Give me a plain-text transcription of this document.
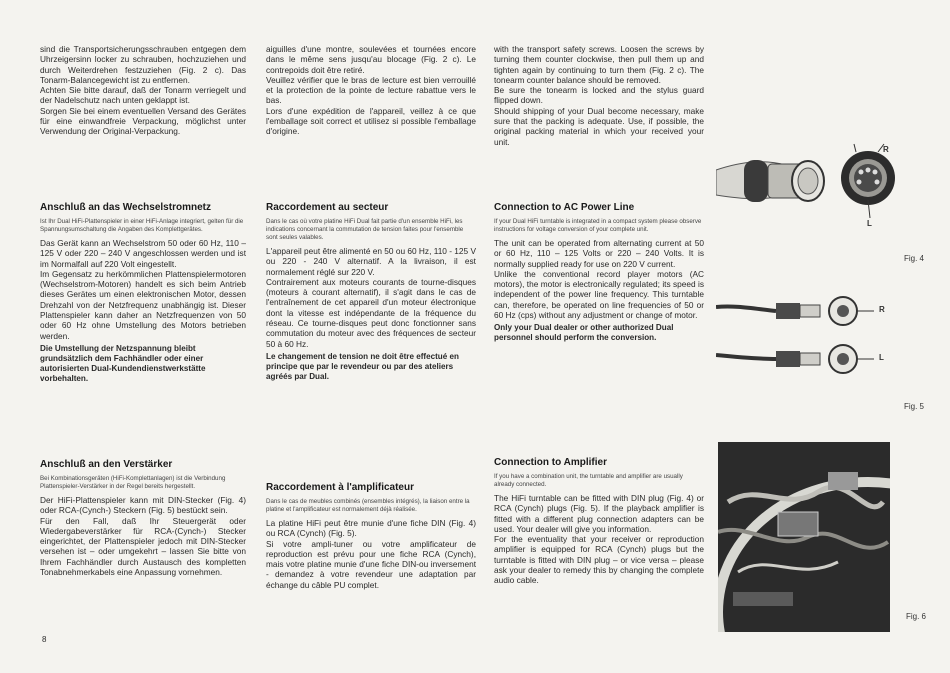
sind die Transportsicherungsschrauben entgegen dem Uhrzeigersinn locker zu schrauben, hochzuziehen und durch Weiterdrehen festzuziehen (Fig. 2 c). Das Tonarm-Balancegewicht ist zu entfernen.
Achten Sie bitte darauf, daß der Tonarm verriegelt und der Nadelschutz nach unten geklappt ist.
Sorgen Sie bei einem eventuellen Versand des Gerätes für eine einwandfreie Verpackung, möglichst unter Verwendung der Original-Verpackung.

Anschluß an das Wechselstromnetz

Ist Ihr Dual HiFi-Plattenspieler in einer HiFi-Anlage integriert, gelten für die Spannungsumschaltung die Angaben des Komplettgerätes.

Das Gerät kann an Wechselstrom 50 oder 60 Hz, 110 – 125 V oder 220 – 240 V angeschlossen werden und ist im Normalfall auf 220 Volt eingestellt.
Im Gegensatz zu herkömmlichen Plattenspielermotoren (Wechselstrom-Motoren) handelt es sich beim Antrieb dieses Gerätes um einen elektronischen Motor, dessen Drehzahl von der Netzfrequenz unabhängig ist. Dieser Plattenspieler kann daher an Netzfrequenzen von 50 oder 60 Hz ohne Umstellung des Motors betrieben werden.

Die Umstellung der Netzspannung bleibt grundsätzlich dem Fachhändler oder einer autorisierten Dual-Kundendienstwerkstätte vorbehalten.

Anschluß an den Verstärker

Bei Kombinationsgeräten (HiFi-Komplettanlagen) ist die Verbindung Plattenspieler-Verstärker in der Regel bereits hergestellt.

Der HiFi-Plattenspieler kann mit DIN-Stecker (Fig. 4) oder RCA-(Cynch-) Steckern (Fig. 5) bestückt sein.
Für den Fall, daß Ihr Steuergerät oder Wiedergabeverstärker für RCA-(Cynch-) Stecker eingerichtet, der Plattenspieler jedoch mit DIN-Stecker versehen ist – oder umgekehrt – lassen Sie bitte von Ihrem Fachhändler durch Austausch des kompletten Tonabnehmerkabels eine Anpassung vornehmen.

aiguilles d'une montre, soulevées et tournées encore dans le même sens jusqu'au blocage (Fig. 2 c). Le contrepoids doit être retiré.
Veuillez vérifier que le bras de lecture est bien verrouillé et la protection de la pointe de lecture rabattue vers le bas.
Lors d'une expédition de l'appareil, veillez à ce que l'emballage soit correct et utilisez si possible l'emballage d'origine.

Raccordement au secteur

Dans le cas où votre platine HiFi Dual fait partie d'un ensemble HiFi, les indications concernant la commutation de tension faites pour l'ensemble sont seules valables.

L'appareil peut être alimenté en 50 ou 60 Hz, 110 - 125 V ou 220 - 240 V alternatif. A la livraison, il est normalement réglé sur 220 V.
Contrairement aux moteurs courants de tourne-disques (moteurs à courant alternatif), il s'agit dans le cas de l'entraînement de cet appareil d'un moteur électronique dont la vitesse est indépendante de la fréquence du réseau. Ce tourne-disques peut donc fonctionner sans commutation du moteur avec des fréquences de secteur 50 à 60 Hz.

Le changement de tension ne doit être effectué en principe que par le revendeur ou par des ateliers agréés par Dual.

Raccordement à l'amplificateur

Dans le cas de meubles combinés (ensembles intégrés), la liaison entre la platine et l'amplificateur est normalement déjà réalisée.

La platine HiFi peut être munie d'une fiche DIN (Fig. 4) ou RCA (Cynch) (Fig. 5).
Si votre ampli-tuner ou votre amplificateur de reproduction est prévu pour une fiche RCA (Cynch), mais votre platine munie d'une fiche DIN-ou inversement - demandez à votre revendeur une adaptation par échange du câble PU complet.

with the transport safety screws. Loosen the screws by turning them counter clockwise, then pull them up and tighten again by continuing to turn them (Fig. 2 c). The tonearm counter balance should be removed.
Be sure the tonearm is locked and the stylus guard flipped down.
Should shipping of your Dual become necessary, make sure that the packing is adequate. Use, if possible, the original packing material in which your received your unit.

Connection to AC Power Line

If your Dual HiFi turntable is integrated in a compact system please observe instructions for voltage conversion of your complete unit.

The unit can be operated from alternating current at 50 or 60 Hz, 110 – 125 Volts or 220 – 240 Volts. It is normally supplied ready for use on 220 V current.
Unlike the conventional record player motors (AC motors), the motor is electronically regulated; its speed is independent of the power line frequency. This turntable can, therefore, be operated on line frequencies of 50 or 60 Hz (cps) without any adjustment or change of motor.

Only your Dual dealer or other authorized Dual personnel should perform the conversion.

Connection to Amplifier

If you have a combination unit, the turntable and amplifier are usually already connected.

The HiFi turntable can be fitted with DIN plug (Fig. 4) or RCA (Cynch) plugs (Fig. 5). If the playback amplifier is fitted with a different plug connection adapters can be used. Your dealer will give you information.
For the eventuality that your receiver or reproduction amplifier is equipped for RCA (Cynch) plugs but the turntable is fitted with DIN plug – or vice versa – please ask your dealer to remedy this by changing the complete audio cable.

8
R
L
Fig. 4
R
L
Fig. 5
Fig. 6
